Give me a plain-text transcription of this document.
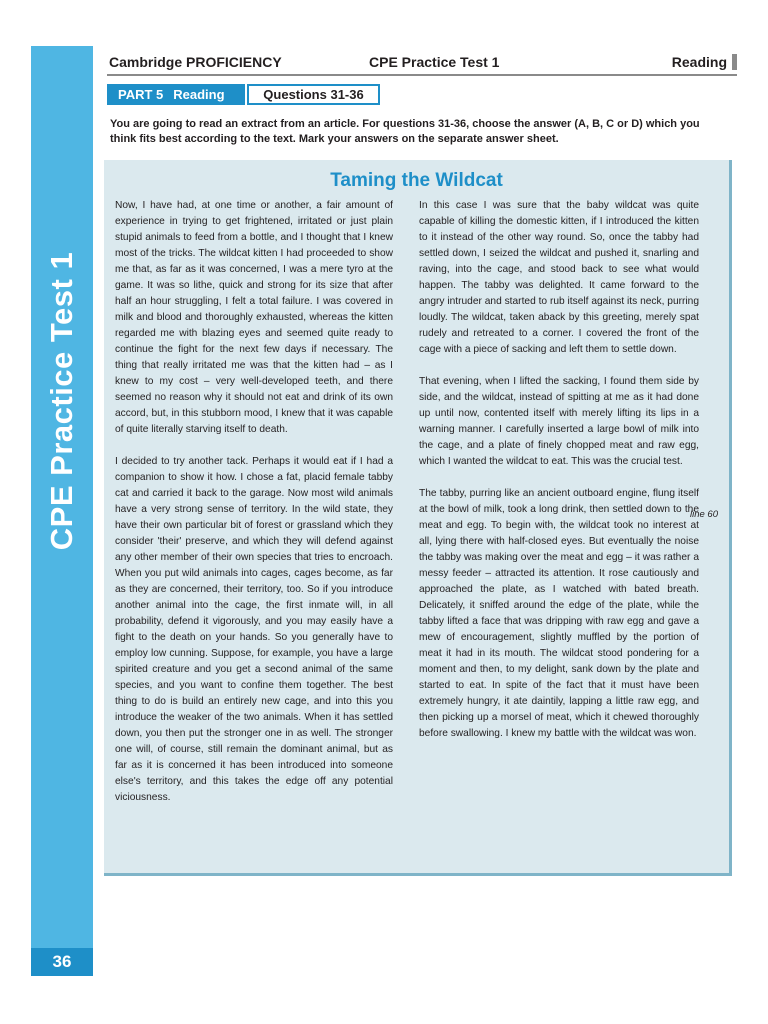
CPE Practice Test 1
36
Cambridge PROFICIENCY	CPE Practice Test 1	Reading
PART 5 Reading	Questions 31-36
You are going to read an extract from an article. For questions 31-36, choose the answer (A, B, C or D) which you think fits best according to the text. Mark your answers on the separate answer sheet.
Taming the Wildcat

Now, I have had, at one time or another, a fair amount of experience in trying to get frightened, irritated or just plain stupid animals to feed from a bottle, and I thought that I knew most of the tricks. The wildcat kitten I had proceeded to show me that, as far as it was concerned, I was a mere tyro at the game. It was so lithe, quick and strong for its size that after half an hour struggling, I felt a total failure. I was covered in milk and blood and thoroughly exhausted, whereas the kitten regarded me with blazing eyes and seemed quite ready to continue the fight for the next few days if necessary. The thing that really irritated me was that the kitten had – as I knew to my cost – very well-developed teeth, and there seemed no reason why it should not eat and drink of its own accord, but, in this stubborn mood, I knew that it was capable of quite literally starving itself to death.

I decided to try another tack. Perhaps it would eat if I had a companion to show it how. I chose a fat, placid female tabby cat and carried it back to the garage. Now most wild animals have a very strong sense of territory. In the wild state, they have their own particular bit of forest or grassland which they consider 'their' preserve, and which they will defend against any other member of their own species that tries to encroach. When you put wild animals into cages, cages become, as far as they are concerned, their territory, too. So if you introduce another animal into the cage, the first inmate will, in all probability, defend it vigorously, and you may easily have a fight to the death on your hands. So you generally have to employ low cunning. Suppose, for example, you have a large spirited creature and you get a second animal of the same species, and you want to confine them together. The best thing to do is build an entirely new cage, and into this you introduce the weaker of the two animals. When it has settled down, you then put the stronger one in as well. The stronger one will, of course, still remain the dominant animal, but as far as it is concerned it has been introduced into someone else's territory, and this takes the edge off any potential viciousness.

In this case I was sure that the baby wildcat was quite capable of killing the domestic kitten, if I introduced the kitten to it instead of the other way round. So, once the tabby had settled down, I seized the wildcat and pushed it, snarling and raving, into the cage, and stood back to see what would happen. The tabby was delighted. It came forward to the angry intruder and started to rub itself against its neck, purring loudly. The wildcat, taken aback by this greeting, merely spat rudely and retreated to a corner. I covered the front of the cage with a piece of sacking and left them to settle down.

That evening, when I lifted the sacking, I found them side by side, and the wildcat, instead of spitting at me as it had done up until now, contented itself with merely lifting its lips in a warning manner. I carefully inserted a large bowl of milk into the cage, and a plate of finely chopped meat and raw egg, which I wanted the wildcat to eat. This was the crucial test.

The tabby, purring like an ancient outboard engine, flung itself at the bowl of milk, took a long drink, then settled down to the meat and egg. To begin with, the wildcat took no interest at all, lying there with half-closed eyes. But eventually the noise the tabby was making over the meat and egg – it was rather a messy feeder – attracted its attention. It rose cautiously and approached the plate, as I watched with bated breath. Delicately, it sniffed around the edge of the plate, while the tabby lifted a face that was dripping with raw egg and gave a mew of encouragement, slightly muffled by the portion of meat it had in its mouth. The wildcat stood pondering for a moment and then, to my delight, sank down by the plate and started to eat. In spite of the fact that it must have been extremely hungry, it ate daintily, lapping a little raw egg, and then picking up a morsel of meat, which it chewed thoroughly before swallowing. I knew my battle with the wildcat was won.

line 60
